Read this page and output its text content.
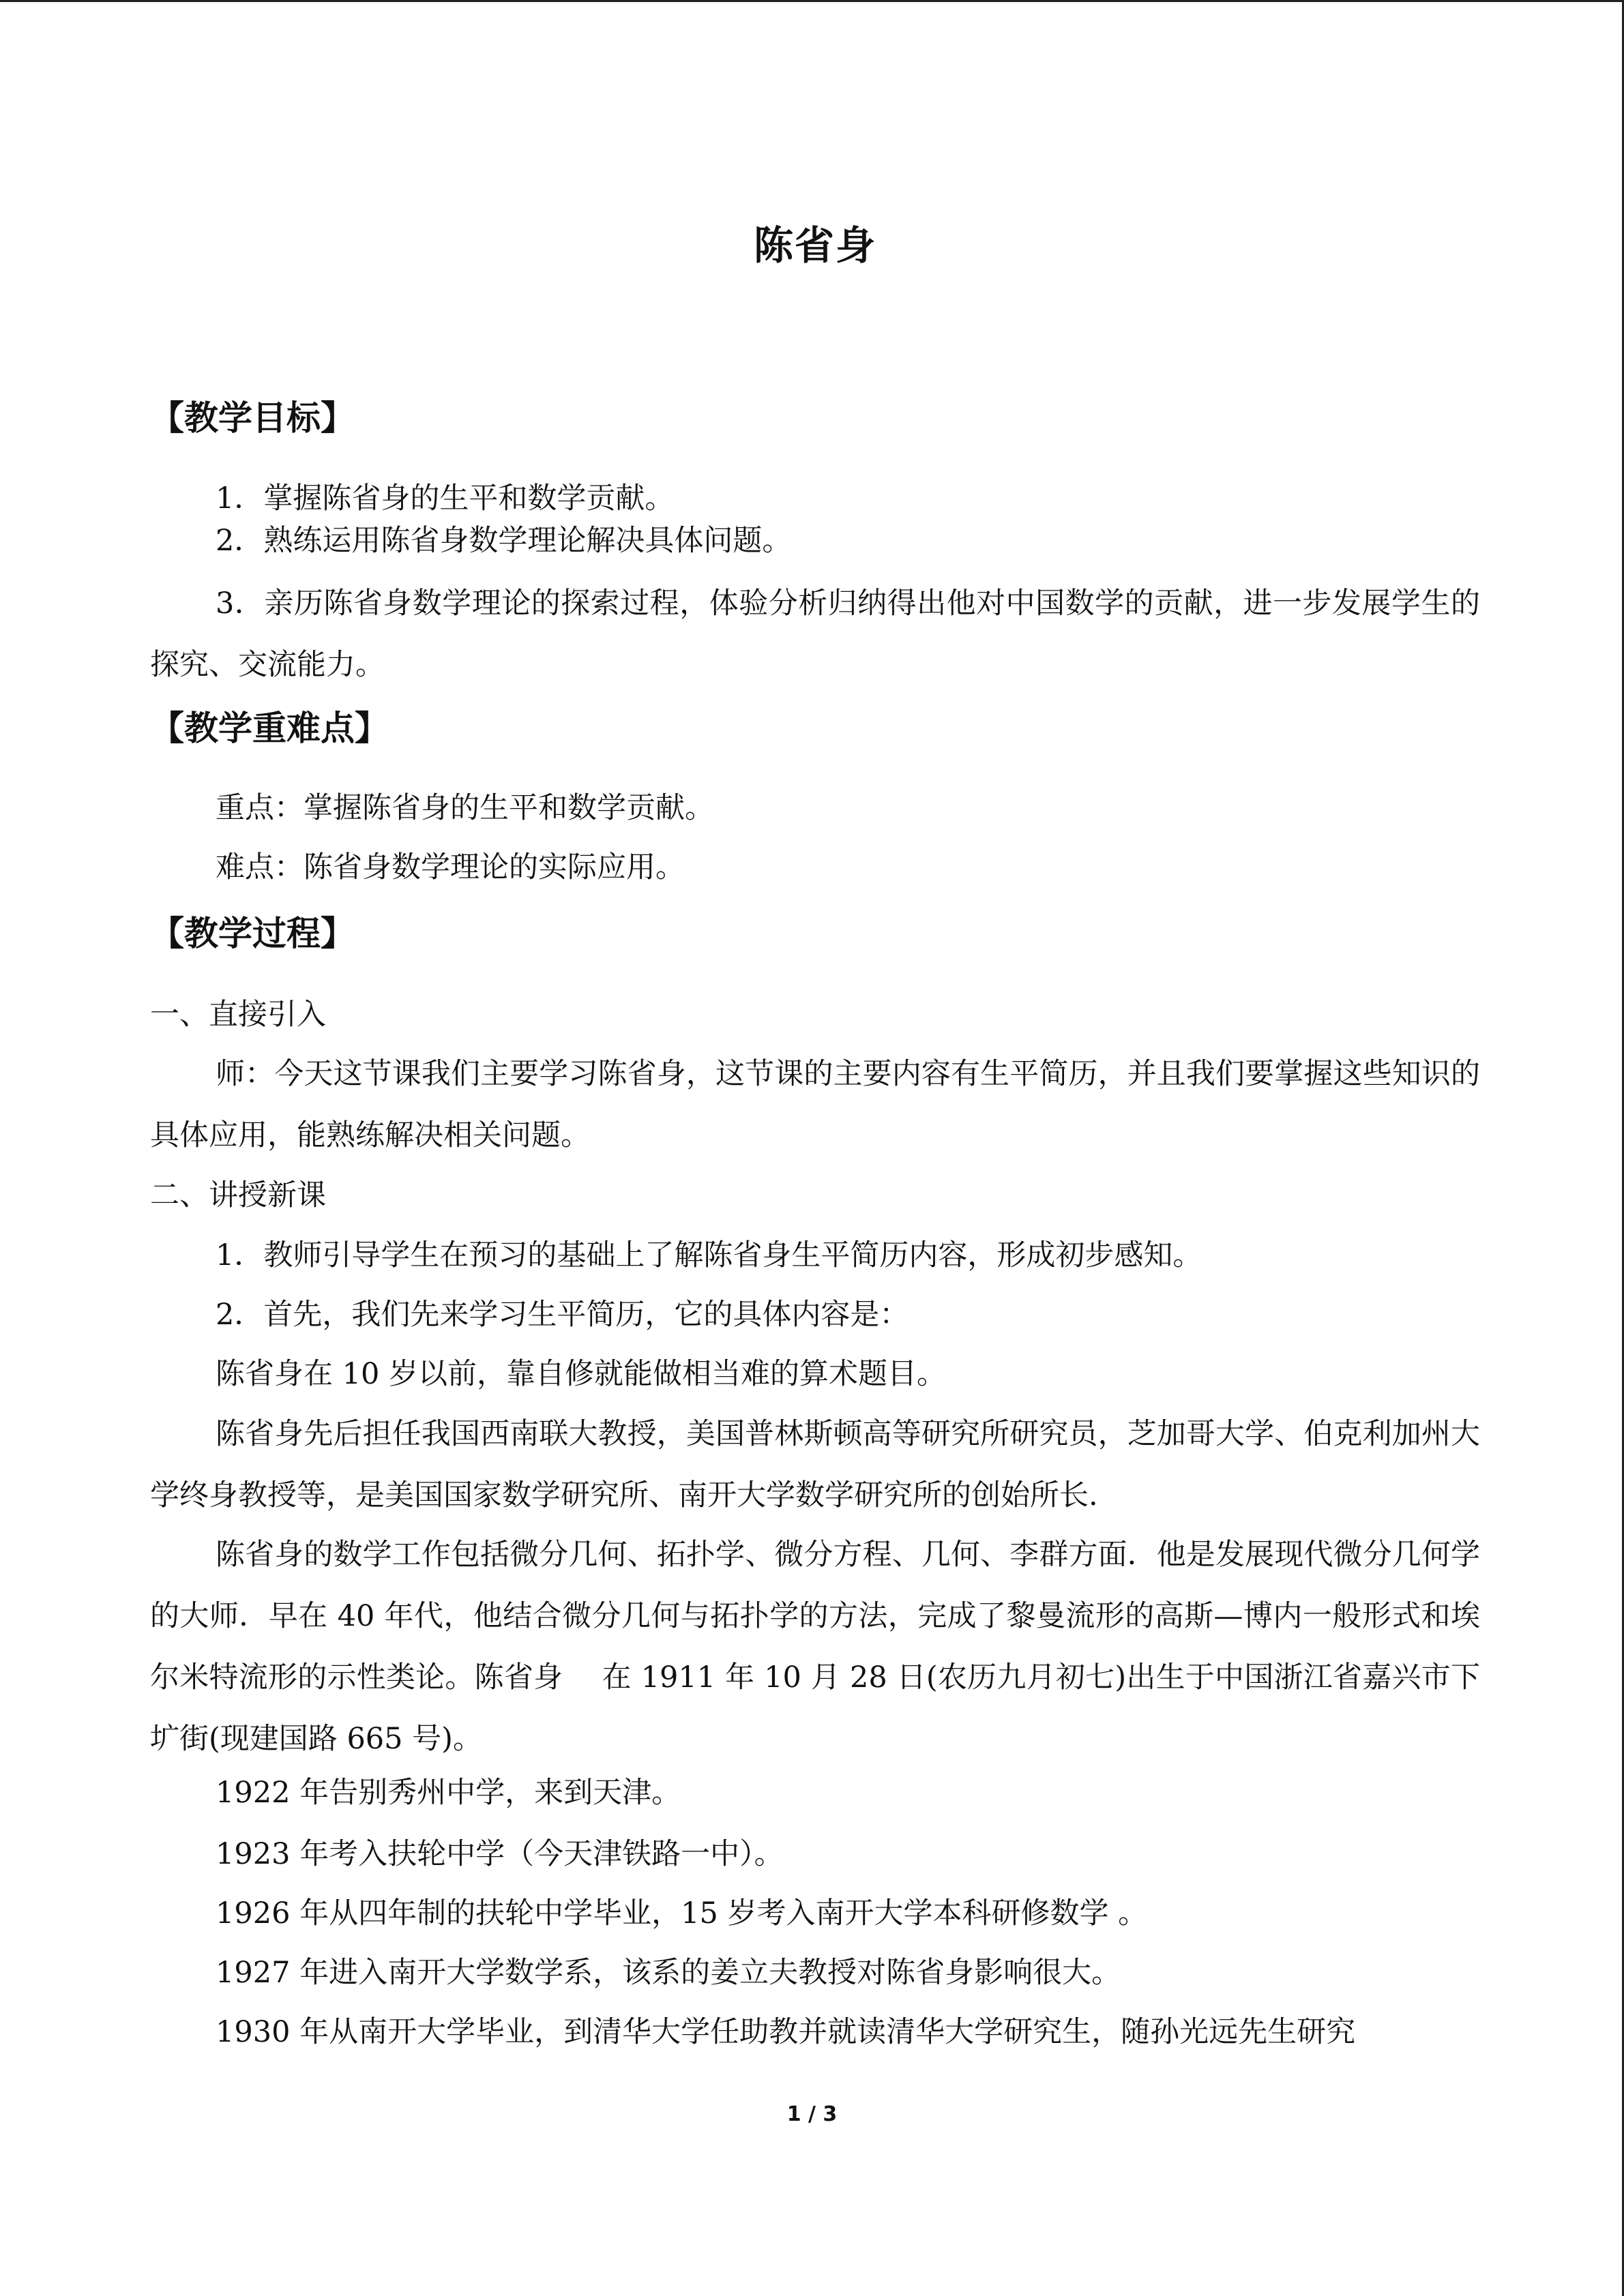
陈省身
【教学目标】
1．掌握陈省身的生平和数学贡献。
2．熟练运用陈省身数学理论解决具体问题。
3．亲历陈省身数学理论的探索过程，体验分析归纳得出他对中国数学的贡献，进一步发展学生的探究、交流能力。
【教学重难点】
重点：掌握陈省身的生平和数学贡献。
难点：陈省身数学理论的实际应用。
【教学过程】
一、直接引入
师：今天这节课我们主要学习陈省身，这节课的主要内容有生平简历，并且我们要掌握这些知识的具体应用，能熟练解决相关问题。
二、讲授新课
1．教师引导学生在预习的基础上了解陈省身生平简历内容，形成初步感知。
2．首先，我们先来学习生平简历，它的具体内容是：
陈省身在 10 岁以前，靠自修就能做相当难的算术题目。
陈省身先后担任我国西南联大教授，美国普林斯顿高等研究所研究员，芝加哥大学、伯克利加州大学终身教授等，是美国国家数学研究所、南开大学数学研究所的创始所长.
陈省身的数学工作包括微分几何、拓扑学、微分方程、几何、李群方面．他是发展现代微分几何学的大师．早在 40 年代，他结合微分几何与拓扑学的方法，完成了黎曼流形的高斯—博内一般形式和埃尔米特流形的示性类论。陈省身　 在 1911 年 10 月 28 日(农历九月初七)出生于中国浙江省嘉兴市下圹街(现建国路 665 号)。
1922 年告别秀州中学，来到天津。
1923 年考入扶轮中学（今天津铁路一中）。
1926 年从四年制的扶轮中学毕业，15 岁考入南开大学本科研修数学 。
1927 年进入南开大学数学系，该系的姜立夫教授对陈省身影响很大。
1930 年从南开大学毕业，到清华大学任助教并就读清华大学研究生，随孙光远先生研究
1 / 3
